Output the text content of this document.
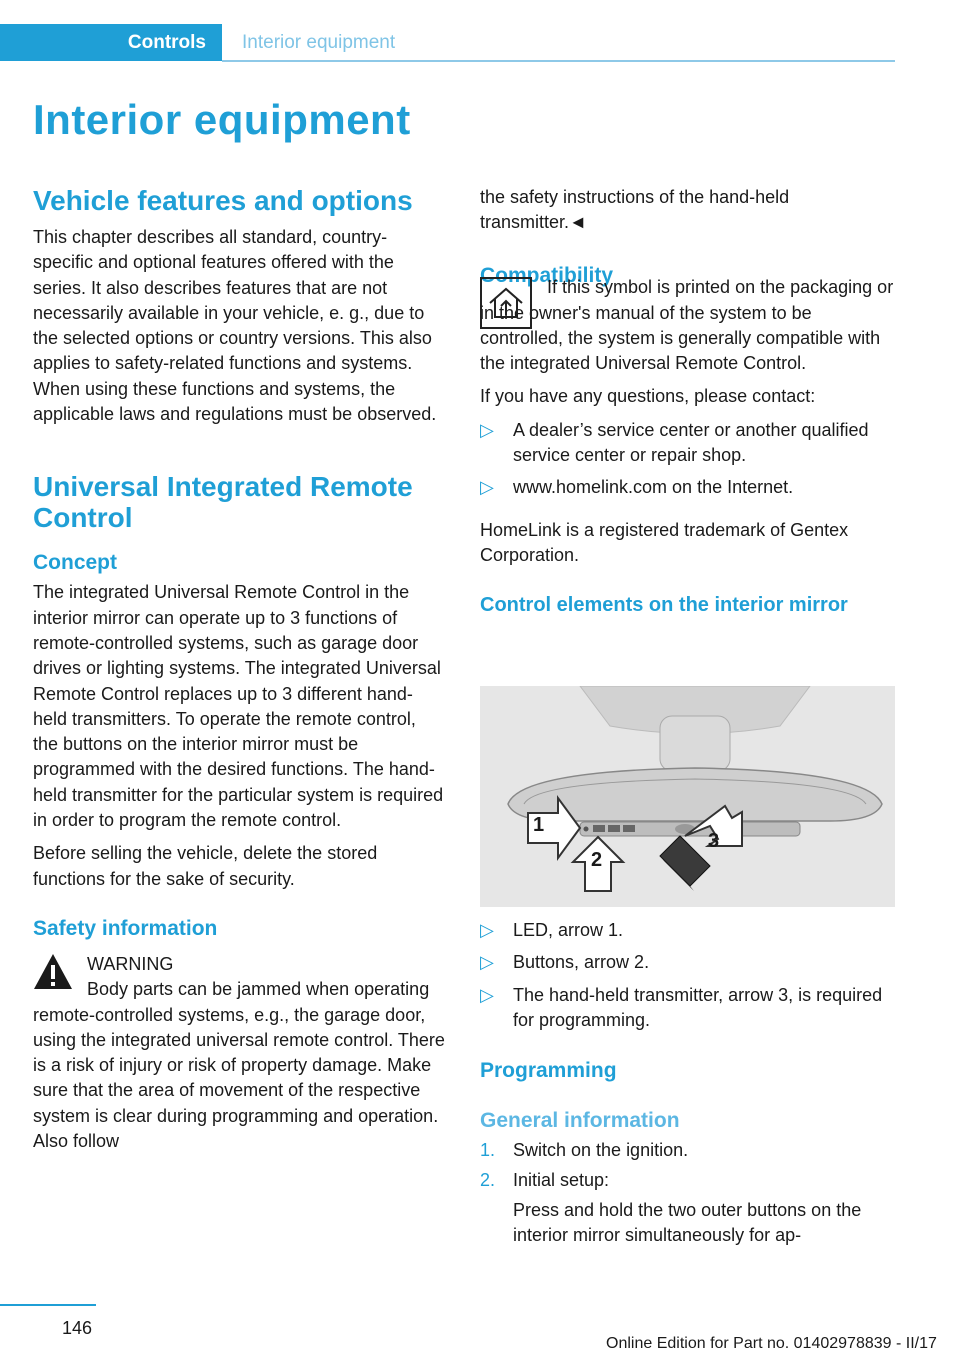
Controls	Interior equipment
Interior equipment
Vehicle features and options

This chapter describes all standard, country-specific and optional features offered with the series. It also describes features that are not necessarily available in your vehicle, e. g., due to the selected options or country versions. This also applies to safety-related functions and systems. When using these functions and systems, the applicable laws and regulations must be observed.

Universal Integrated Remote Control
Concept

The integrated Universal Remote Control in the interior mirror can operate up to 3 functions of remote-controlled systems, such as garage door drives or lighting systems. The integrated Universal Remote Control replaces up to 3 different hand-held transmitters. To operate the remote control, the buttons on the interior mirror must be programmed with the desired functions. The hand-held transmitter for the particular system is required in order to program the remote control.

Before selling the vehicle, delete the stored functions for the sake of security.

Safety information

WARNING

Body parts can be jammed when operating remote-controlled systems, e.g., the garage door, using the integrated universal remote control. There is a risk of injury or risk of property damage. Make sure that the area of movement of the respective system is clear during programming and operation. Also follow

the safety instructions of the hand-held transmitter.◄

Compatibility

If this symbol is printed on the packaging or in the owner's manual of the system to be controlled, the system is generally compatible with the integrated Universal Remote Control.

If you have any questions, please contact:

▷ A dealer’s service center or another qualified service center or repair shop.
▷ www.homelink.com on the Internet.

HomeLink is a registered trademark of Gentex Corporation.

Control elements on the interior mirror
1
2
3
▷ LED, arrow 1.
▷ Buttons, arrow 2.
▷ The hand-held transmitter, arrow 3, is required for programming.
Programming
General information
1. Switch on the ignition.
2. Initial setup:

Press and hold the two outer buttons on the interior mirror simultaneously for ap-

146
Online Edition for Part no. 01402978839 - II/17
